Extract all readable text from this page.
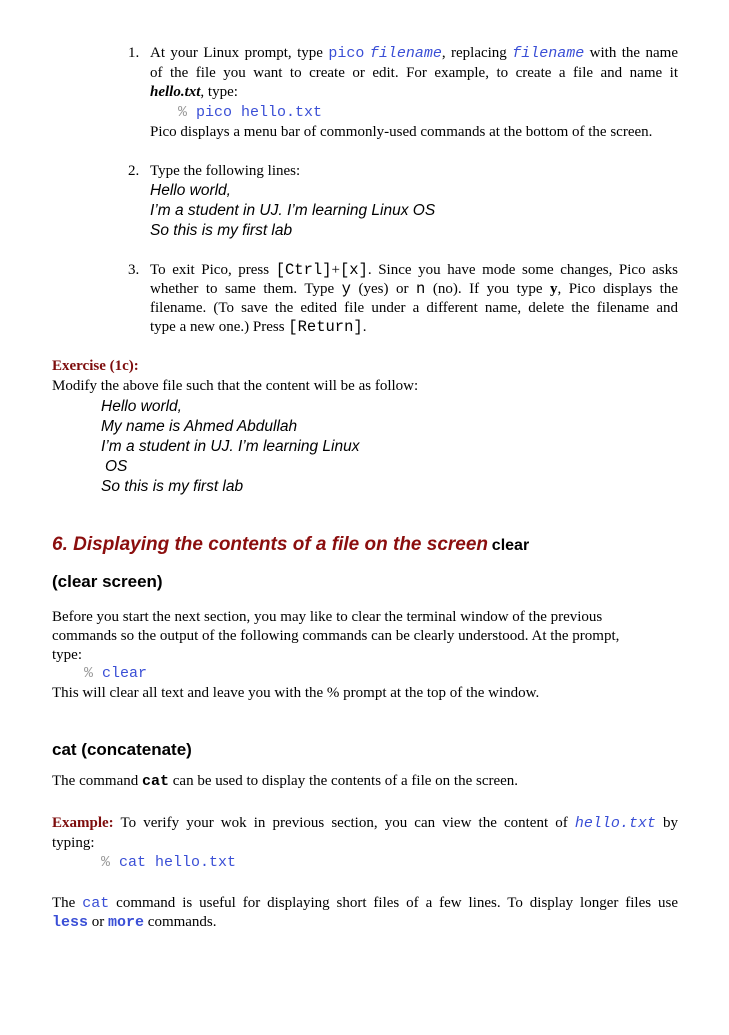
1. At your Linux prompt, type pico filename, replacing filename with the name
of the file you want to create or edit. For example, to create a file and name it
hello.txt, type:
% pico hello.txt
Pico displays a menu bar of commonly-used commands at the bottom of the screen.
2. Type the following lines:
Hello world,
I’m a student in UJ. I’m learning Linux OS
So this is my first lab
3. To exit Pico, press [Ctrl]+[x]. Since you have mode some changes, Pico asks
whether to same them. Type y (yes) or n (no). If you type y, Pico displays the
filename. (To save the edited file under a different name, delete the filename and
type a new one.) Press [Return].
Exercise (1c):
Modify the above file such that the content will be as follow:
Hello world,
My name is Ahmed Abdullah
I’m a student in UJ. I’m learning Linux
OS
So this is my first lab
6. Displaying the contents of a file on the screen clear
(clear screen)
Before you start the next section, you may like to clear the terminal window of the previous
commands so the output of the following commands can be clearly understood. At the prompt,
type:
% clear
This will clear all text and leave you with the % prompt at the top of the window.
cat (concatenate)
The command cat can be used to display the contents of a file on the screen.
Example: To verify your wok in previous section, you can view the content of hello.txt by
typing:
% cat hello.txt
The cat command is useful for displaying short files of a few lines. To display longer files use
less or more commands.
